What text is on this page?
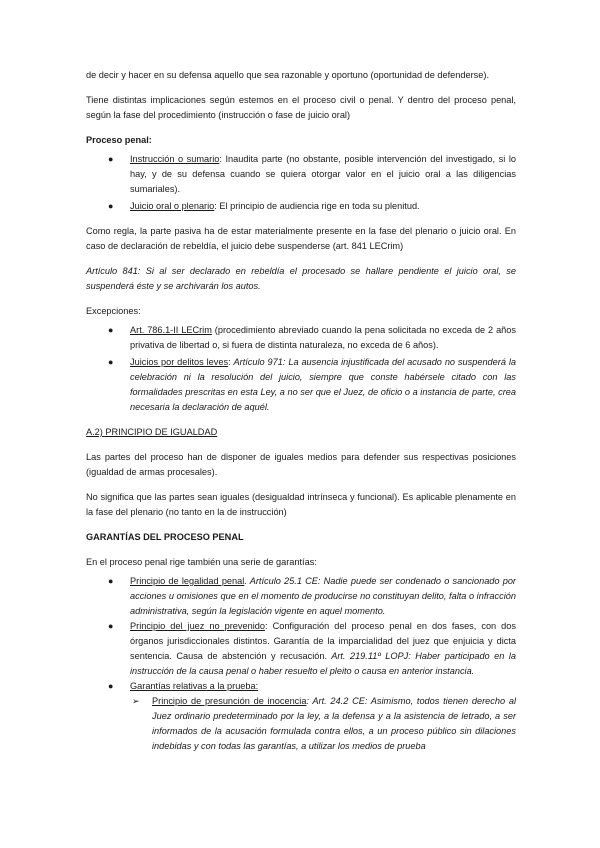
de decir y hacer en su defensa aquello que sea razonable y oportuno (oportunidad de defenderse).

Tiene distintas implicaciones según estemos en el proceso civil o penal. Y dentro del proceso penal, según la fase del procedimiento (instrucción o fase de juicio oral)

Proceso penal:

● Instrucción o sumario: Inaudita parte (no obstante, posible intervención del investigado, si lo hay, y de su defensa cuando se quiera otorgar valor en el juicio oral a las diligencias sumariales).
● Juicio oral o plenario: El principio de audiencia rige en toda su plenitud.

Como regla, la parte pasiva ha de estar materialmente presente en la fase del plenario o juicio oral. En caso de declaración de rebeldía, el juicio debe suspenderse (art. 841 LECrim)

Artículo 841: Si al ser declarado en rebeldía el procesado se hallare pendiente el juicio oral, se suspenderá éste y se archivarán los autos.

Excepciones:

● Art. 786.1-II LECrim (procedimiento abreviado cuando la pena solicitada no exceda de 2 años privativa de libertad o, si fuera de distinta naturaleza, no exceda de 6 años).
● Juicios por delitos leves: Artículo 971: La ausencia injustificada del acusado no suspenderá la celebración ni la resolución del juicio, siempre que conste habérsele citado con las formalidades prescritas en esta Ley, a no ser que el Juez, de oficio o a instancia de parte, crea necesaria la declaración de aquél.

A.2) PRINCIPIO DE IGUALDAD

Las partes del proceso han de disponer de iguales medios para defender sus respectivas posiciones (igualdad de armas procesales).

No significa que las partes sean iguales (desigualdad intrínseca y funcional). Es aplicable plenamente en la fase del plenario (no tanto en la de instrucción)

GARANTÍAS DEL PROCESO PENAL

En el proceso penal rige también una serie de garantías:

● Principio de legalidad penal. Artículo 25.1 CE: Nadie puede ser condenado o sancionado por acciones u omisiones que en el momento de producirse no constituyan delito, falta o infracción administrativa, según la legislación vigente en aquel momento.
● Principio del juez no prevenido: Configuración del proceso penal en dos fases, con dos órganos jurisdiccionales distintos. Garantía de la imparcialidad del juez que enjuicia y dicta sentencia. Causa de abstención y recusación. Art. 219.11º LOPJ: Haber participado en la instrucción de la causa penal o haber resuelto el pleito o causa en anterior instancia.
● Garantías relativas a la prueba:
➢ Principio de presunción de inocencia: Art. 24.2 CE: Asimismo, todos tienen derecho al Juez ordinario predeterminado por la ley, a la defensa y a la asistencia de letrado, a ser informados de la acusación formulada contra ellos, a un proceso público sin dilaciones indebidas y con todas las garantías, a utilizar los medios de prueba
